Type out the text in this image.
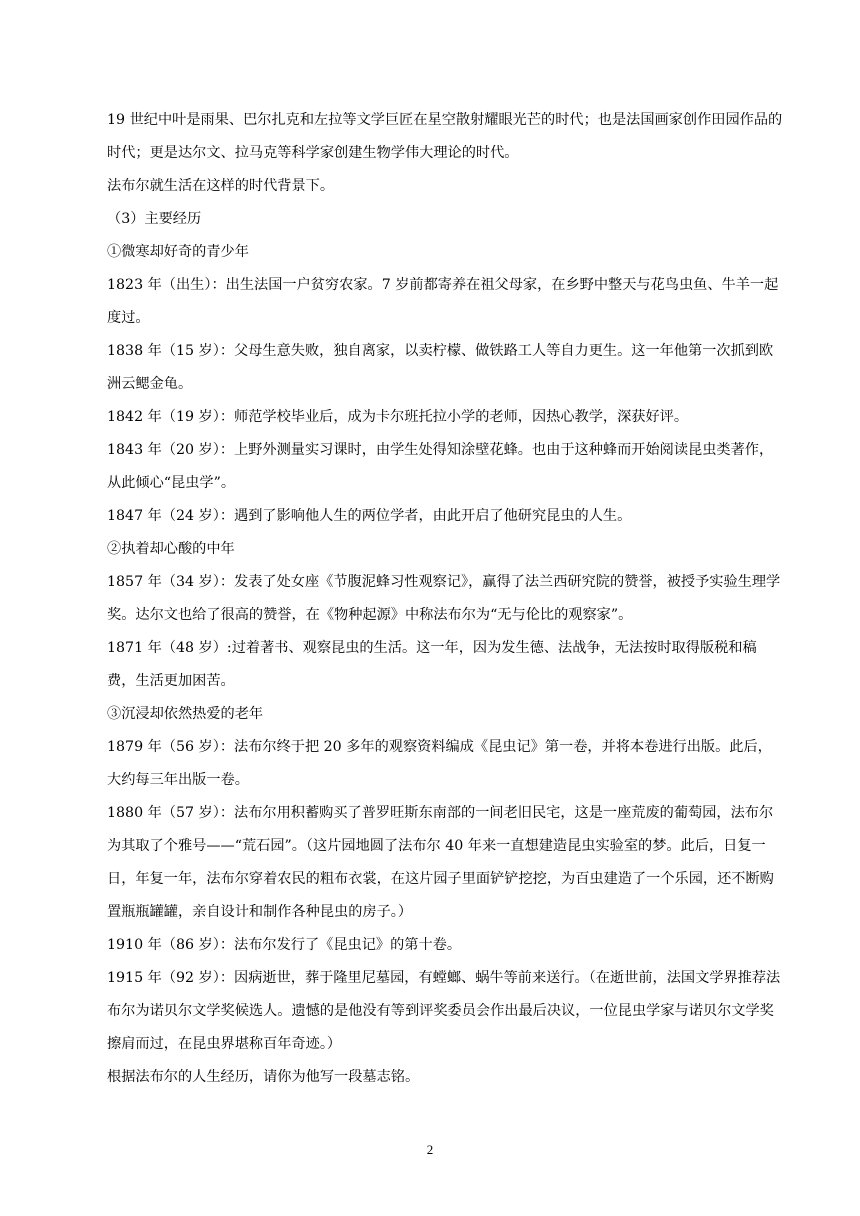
19 世纪中叶是雨果、巴尔扎克和左拉等文学巨匠在星空散射耀眼光芒的时代；也是法国画家创作田园作品的时代；更是达尔文、拉马克等科学家创建生物学伟大理论的时代。

法布尔就生活在这样的时代背景下。

（3）主要经历

①微寒却好奇的青少年

1823 年（出生）：出生法国一户贫穷农家。7 岁前都寄养在祖父母家，在乡野中整天与花鸟虫鱼、牛羊一起度过。

1838 年（15 岁）：父母生意失败，独自离家，以卖柠檬、做铁路工人等自力更生。这一年他第一次抓到欧洲云鳃金龟。

1842 年（19 岁）：师范学校毕业后，成为卡尔班托拉小学的老师，因热心教学，深获好评。

1843 年（20 岁）：上野外测量实习课时，由学生处得知涂壁花蜂。也由于这种蜂而开始阅读昆虫类著作，从此倾心“昆虫学”。

1847 年（24 岁）：遇到了影响他人生的两位学者，由此开启了他研究昆虫的人生。

②执着却心酸的中年

1857 年（34 岁）：发表了处女座《节腹泥蜂习性观察记》，赢得了法兰西研究院的赞誉，被授予实验生理学奖。达尔文也给了很高的赞誉，在《物种起源》中称法布尔为“无与伦比的观察家”。

1871 年（48 岁）:过着著书、观察昆虫的生活。这一年，因为发生德、法战争，无法按时取得版税和稿费，生活更加困苦。

③沉浸却依然热爱的老年

1879 年（56 岁）：法布尔终于把 20 多年的观察资料编成《昆虫记》第一卷，并将本卷进行出版。此后，大约每三年出版一卷。

1880 年（57 岁）：法布尔用积蓄购买了普罗旺斯东南部的一间老旧民宅，这是一座荒废的葡萄园，法布尔为其取了个雅号——“荒石园”。（这片园地圆了法布尔 40 年来一直想建造昆虫实验室的梦。此后，日复一日，年复一年，法布尔穿着农民的粗布衣裳，在这片园子里面铲铲挖挖，为百虫建造了一个乐园，还不断购置瓶瓶罐罐，亲自设计和制作各种昆虫的房子。）

1910 年（86 岁）：法布尔发行了《昆虫记》的第十卷。

1915 年（92 岁）：因病逝世，葬于隆里尼墓园，有螳螂、蜗牛等前来送行。（在逝世前，法国文学界推荐法布尔为诺贝尔文学奖候选人。遗憾的是他没有等到评奖委员会作出最后决议，一位昆虫学家与诺贝尔文学奖擦肩而过，在昆虫界堪称百年奇迹。）

根据法布尔的人生经历，请你为他写一段墓志铭。

2
